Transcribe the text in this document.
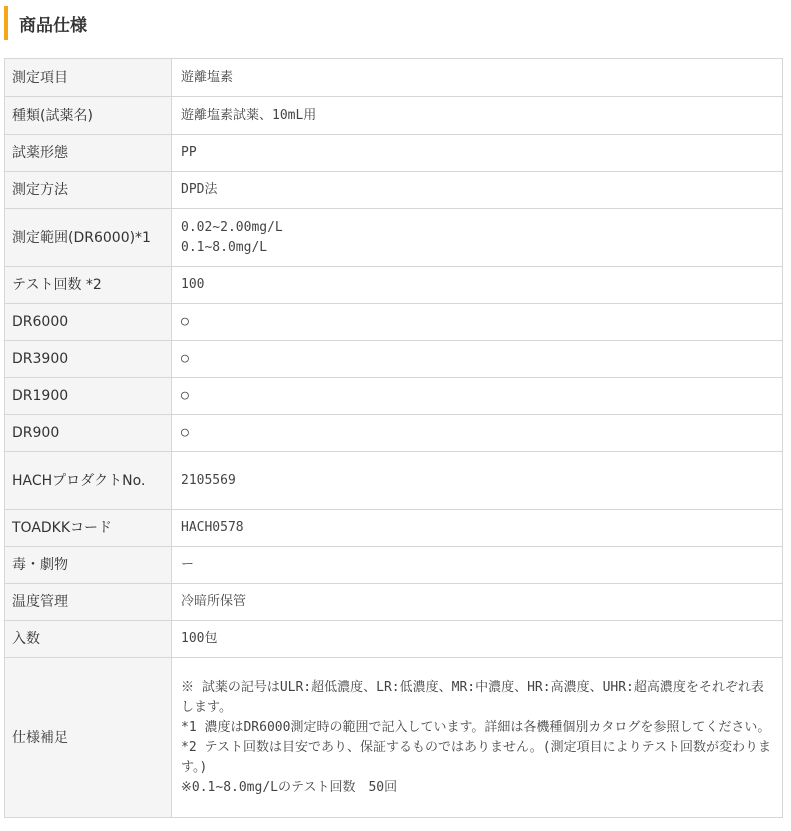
商品仕様
測定項目	遊離塩素

種類(試薬名)	遊離塩素試薬、10mL用

試薬形態	PP

測定方法	DPD法

測定範囲(DR6000)*1	0.02~2.00mg/L
0.1~8.0mg/L

テスト回数 *2	100

DR6000	○

DR3900	○

DR1900	○

DR900	○

HACHプロダクトNo.	2105569

TOADKKコード	HACH0578

毒・劇物	ー

温度管理	冷暗所保管

入数	100包

仕様補足	※ 試薬の記号はULR:超低濃度、LR:低濃度、MR:中濃度、HR:高濃度、UHR:超高濃度をそれぞれ表します。
*1 濃度はDR6000測定時の範囲で記入しています。詳細は各機種個別カタログを参照してください。
*2 テスト回数は目安であり、保証するものではありません。(測定項目によりテスト回数が変わります。)
※0.1~8.0mg/Lのテスト回数　50回
